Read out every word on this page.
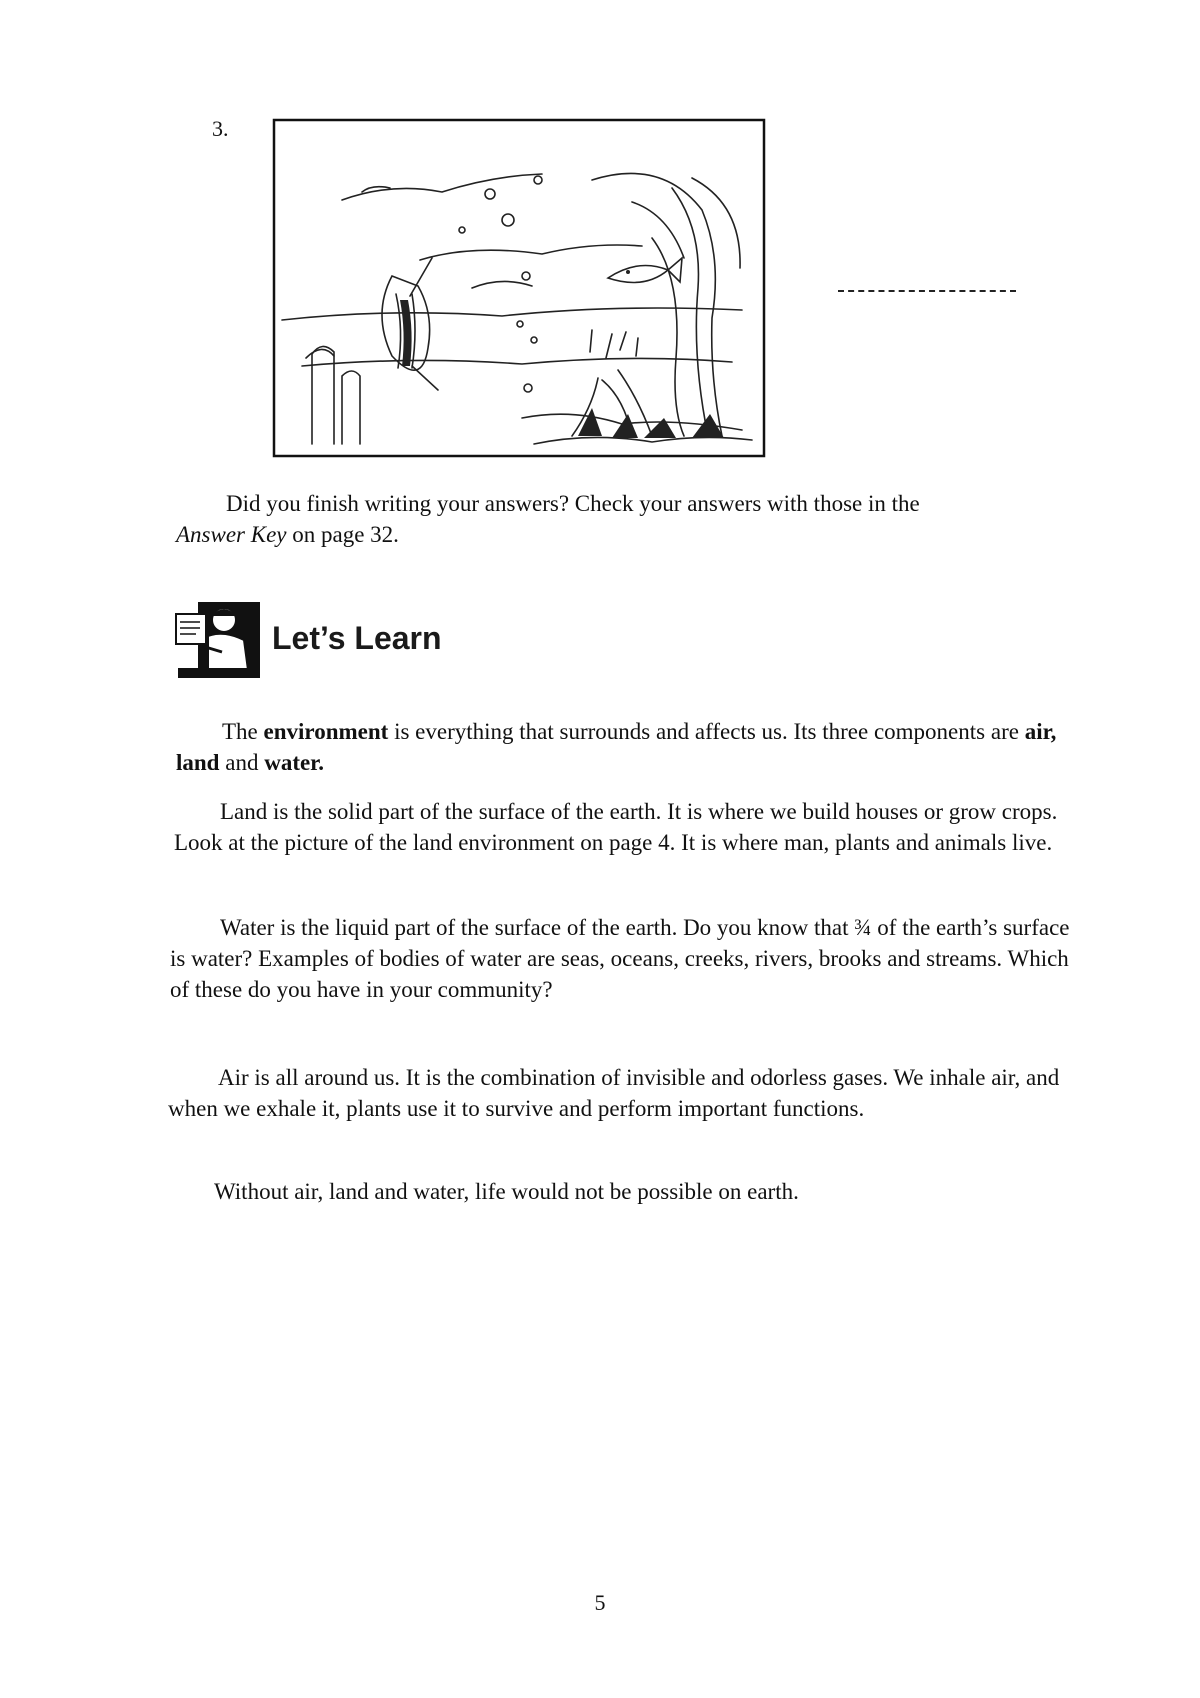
3.

Did you finish writing your answers? Check your answers with those in the
Answer Key on page 32.

Let’s Learn

The environment is everything that surrounds and affects us. Its three components are air, land and water.

Land is the solid part of the surface of the earth. It is where we build houses or grow crops. Look at the picture of the land environment on page 4. It is where man, plants and animals live.

Water is the liquid part of the surface of the earth. Do you know that ¾ of the earth’s surface is water? Examples of bodies of water are seas, oceans, creeks, rivers, brooks and streams. Which of these do you have in your community?

Air is all around us. It is the combination of invisible and odorless gases. We inhale air, and when we exhale it, plants use it to survive and perform important functions.

Without air, land and water, life would not be possible on earth.

5
